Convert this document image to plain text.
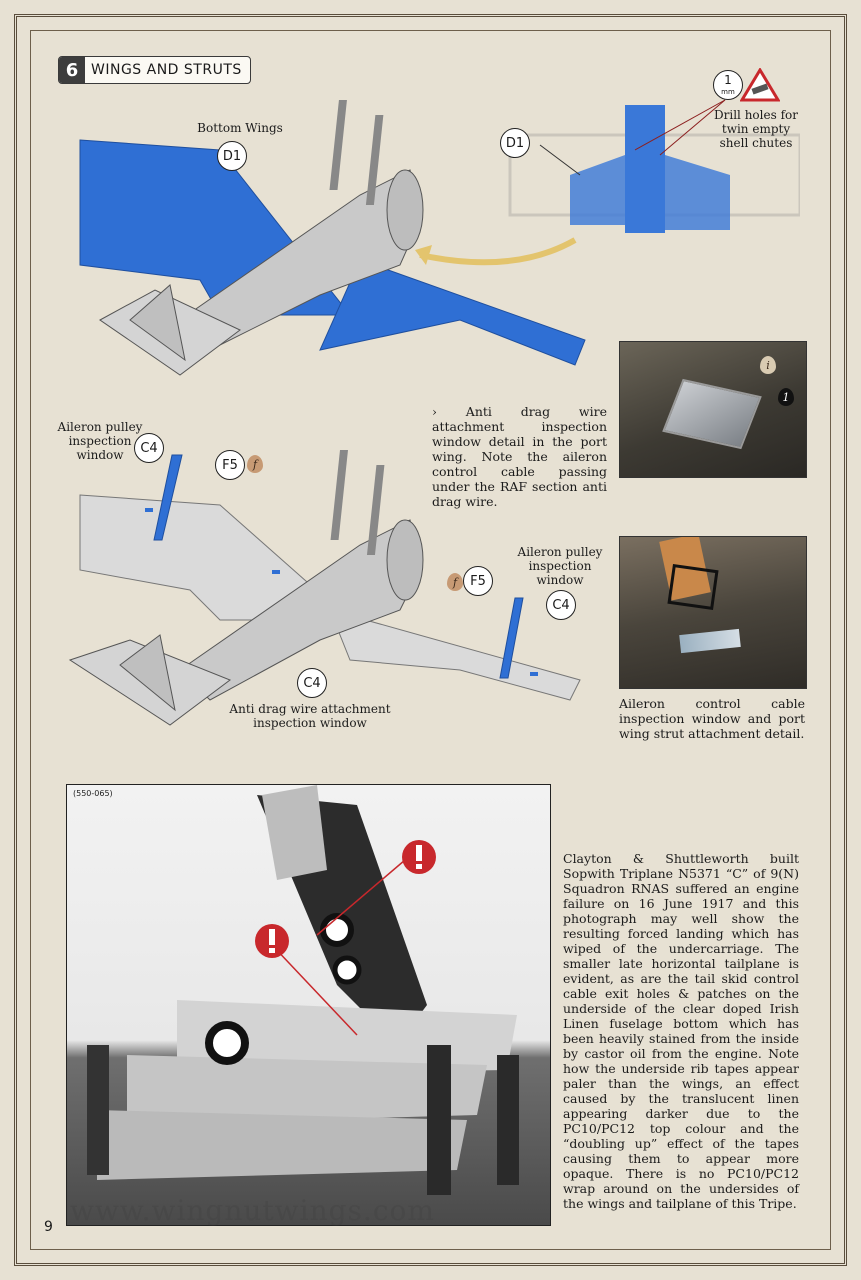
6 WINGS AND STRUTS
Bottom Wings
D1
D1
1
mm
Drill holes for twin empty shell chutes
i
1
› Anti drag wire attachment inspection window detail in the port wing. Note the aileron control cable passing under the RAF section anti drag wire.
Aileron pulley inspection window	C4
F5	f
Aileron pulley inspection window
f	F5
C4
C4
Anti drag wire attachment inspection window
Aileron control cable inspection window and port wing strut attachment detail.
(550-065)
Clayton & Shuttleworth built Sopwith Triplane N5371 “C” of 9(N) Squadron RNAS suffered an engine failure on 16 June 1917 and this photograph may well show the resulting forced landing which has wiped of the undercarriage. The smaller late horizontal tailplane is evident, as are the tail skid control cable exit holes & patches on the underside of the clear doped Irish Linen fuselage bottom which has been heavily stained from the inside by castor oil from the engine. Note how the underside rib tapes appear paler than the wings, an effect caused by the translucent linen appearing darker due to the PC10/PC12 top colour and the “doubling up” effect of the tapes causing them to appear more opaque. There is no PC10/PC12 wrap around on the undersides of the wings and tailplane of this Tripe.
www.wingnutwings.com
9
